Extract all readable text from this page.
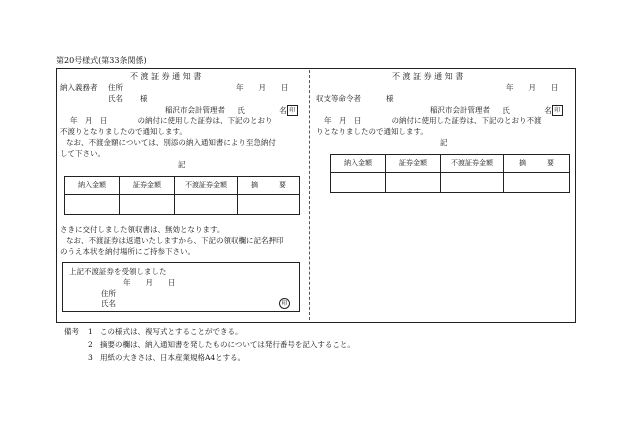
第20号様式(第33条関係)
不 渡 証 券 通 知 書
納入義務者 住所	年　　月　　日
氏名 様
稲沢市会計管理者 氏	名 印
年　月　日　　　　の納付に使用した証券は、下記のとおり
不渡りとなりましたので通知します。
なお、不渡金額については、別添の納入通知書により至急納付
して下さい。
記
納入金額	証券金額	不渡証券金額	摘　　　要

さきに交付しました領収書は、無効となります。
なお、不渡証券は返還いたしますから、下記の領収欄に記名押印
のうえ本状を納付場所にご持参下さい。
上記不渡証券を受領しました
年　　月　　日
住所
氏名	印
不 渡 証 券 通 知 書
年　　月　　日
収支等命令者	様
稲沢市会計管理者 氏	名 印
年　月　日　　　　の納付に使用した証券は、下記のとおり不渡
りとなりましたので通知します。
記
納入金額	証券金額	不渡証券金額	摘　　　要

備考 1 この様式は、複写式とすることができる。
2 摘要の欄は、納入通知書を発したものについては発行番号を記入すること。
3 用紙の大きさは、日本産業規格A4とする。
